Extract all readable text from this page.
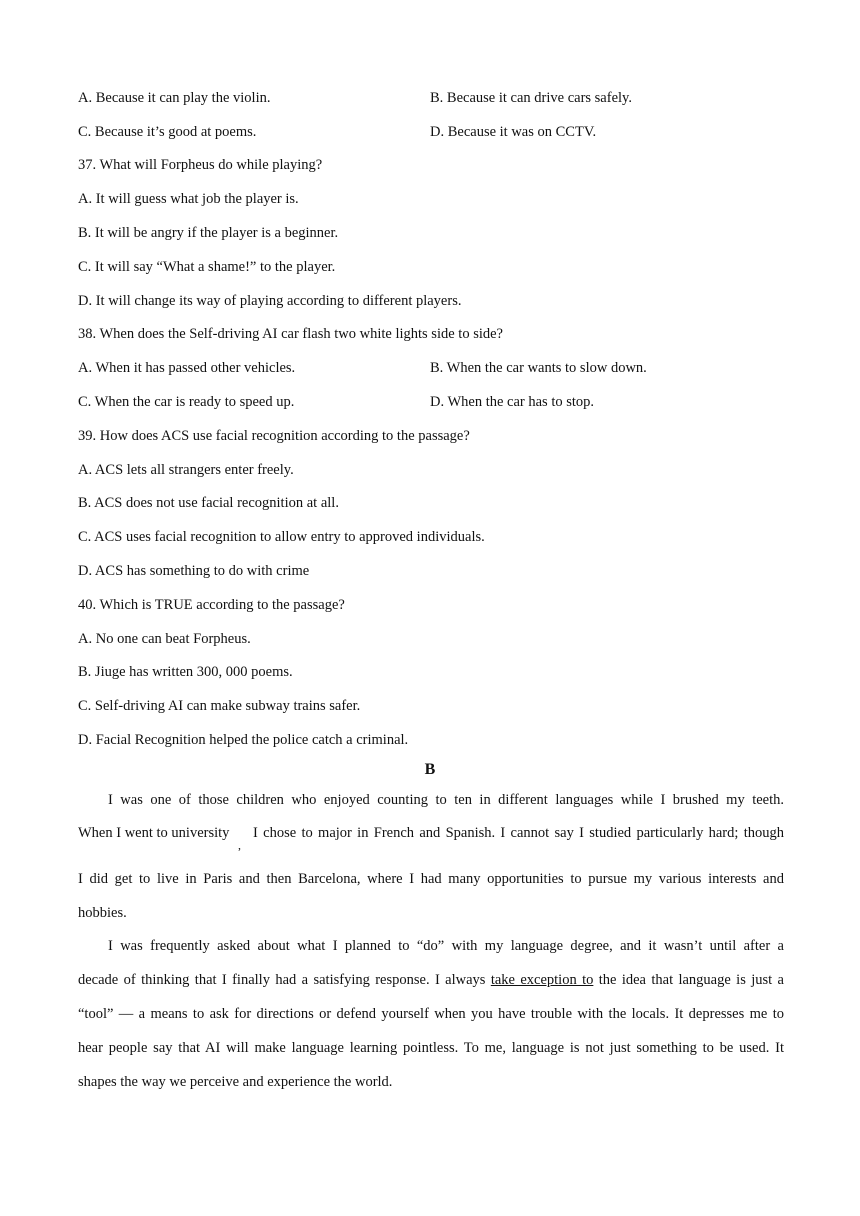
A. Because it can play the violin.	B. Because it can drive cars safely.
C. Because it’s good at poems.	D. Because it was on CCTV.
37. What will Forpheus do while playing?
A. It will guess what job the player is.
B. It will be angry if the player is a beginner.
C. It will say “What a shame!” to the player.
D. It will change its way of playing according to different players.
38. When does the Self-driving AI car flash two white lights side to side?
A. When it has passed other vehicles.	B. When the car wants to slow down.
C. When the car is ready to speed up.	D. When the car has to stop.
39. How does ACS use facial recognition according to the passage?
A. ACS lets all strangers enter freely.
B. ACS does not use facial recognition at all.
C. ACS uses facial recognition to allow entry to approved individuals.
D. ACS has something to do with crime
40. Which is TRUE according to the passage?
A. No one can beat Forpheus.
B. Jiuge has written 300, 000 poems.
C. Self-driving AI can make subway trains safer.
D. Facial Recognition helped the police catch a criminal.
B
I was one of those children who enjoyed counting to ten in different languages while I brushed my teeth.
When I went to university
,
I chose to major in French and Spanish. I cannot say I studied particularly hard; though
I did get to live in Paris and then Barcelona, where I had many opportunities to pursue my various interests and
hobbies.
I was frequently asked about what I planned to “do” with my language degree, and it wasn’t until after a
decade of thinking that I finally had a satisfying response. I always take exception to the idea that language is just a
“tool” — a means to ask for directions or defend yourself when you have trouble with the locals. It depresses me to
hear people say that AI will make language learning pointless. To me, language is not just something to be used. It
shapes the way we perceive and experience the world.
